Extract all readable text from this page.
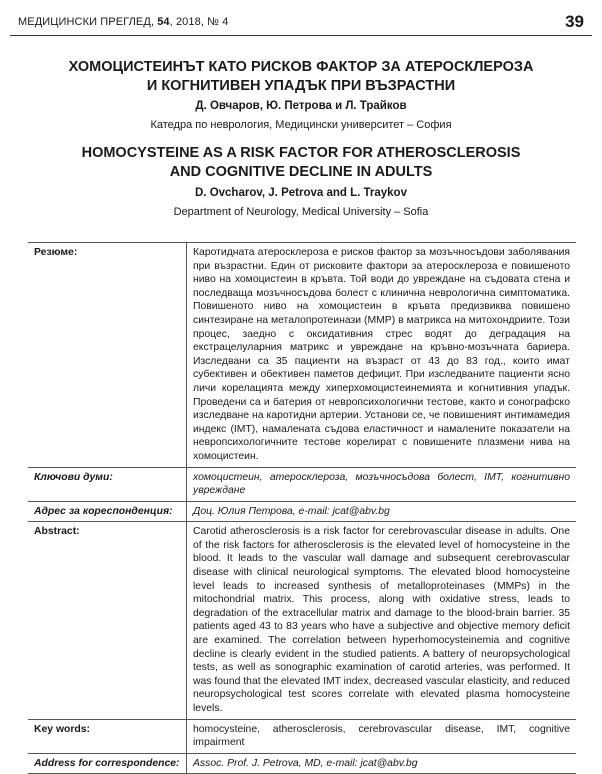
МЕДИЦИНСКИ ПРЕГЛЕД, 54, 2018, № 4	39
ХОМОЦИСТЕИНЪТ КАТО РИСКОВ ФАКТОР ЗА АТЕРОСКЛЕРОЗА
И КОГНИТИВЕН УПАДЪК ПРИ ВЪЗРАСТНИ
Д. Овчаров, Ю. Петрова и Л. Трайков
Катедра по неврология, Медицински университет – София
HOMOCYSTEINE AS A RISK FACTOR FOR ATHEROSCLEROSIS
AND COGNITIVE DECLINE IN ADULTS
D. Ovcharov, J. Petrova and L. Traykov
Department of Neurology, Medical University – Sofia
Резюме:	Каротидната атеросклероза е рисков фактор за мозъчносъдови заболявания при възрастни. Един от рисковите фактори за атеросклероза е повишеното ниво на хомоцистеин в кръвта. Той води до увреждане на съдовата стена и последваща мозъчносъдова болест с клинична неврологична симптоматика. Повишеното ниво на хомоцистеин в кръвта предизвиква повишено синтезиране на металопротеинази (MMP) в матрикса на митохондриите. Този процес, заедно с оксидативния стрес водят до деградация на екстрацелуларния матрикс и увреждане на кръвно-мозъчната бариера. Изследвани са 35 пациенти на възраст от 43 до 83 год., които имат субективен и обективен паметов дефицит. При изследваните пациенти ясно личи корелацията между хиперхомоцистеинемията и когнитивния упадък. Проведени са и батерия от невропсихологични тестове, както и сонографско изследване на каротидни артерии. Установи се, че повишеният интимамедия индекс (IMT), намалената съдова еластичност и намалените показатели на невропсихологичните тестове корелират с повишените плазмени нива на хомоцистеин.
Ключови думи:	хомоцистеин, атеросклероза, мозъчносъдова болест, IMT, когнитивно увреждане
Адрес за кореспонденция:	Доц. Юлия Петрова, e-mail: jcat@abv.bg
Abstract:	Carotid atherosclerosis is a risk factor for cerebrovascular disease in adults. One of the risk factors for atherosclerosis is the elevated level of homocysteine in the blood. It leads to the vascular wall damage and subsequent cerebrovascular disease with clinical neurological symptoms. The elevated blood homocysteine level leads to increased synthesis of metalloproteinases (MMPs) in the mitochondrial matrix. This process, along with oxidative stress, leads to degradation of the extracellular matrix and damage to the blood-brain barrier. 35 patients aged 43 to 83 years who have a subjective and objective memory deficit are examined. The correlation between hyperhomocysteinemia and cognitive decline is clearly evident in the studied patients. A battery of neuropsychological tests, as well as sonographic examination of carotid arteries, was performed. It was found that the elevated IMT index, decreased vascular elasticity, and reduced neuropsychological test scores correlate with elevated plasma homocysteine levels.
Key words:	homocysteine, atherosclerosis, cerebrovascular disease, IMT, cognitive impairment
Address for correspondence:	Assoc. Prof. J. Petrova, MD, e-mail: jcat@abv.bg
